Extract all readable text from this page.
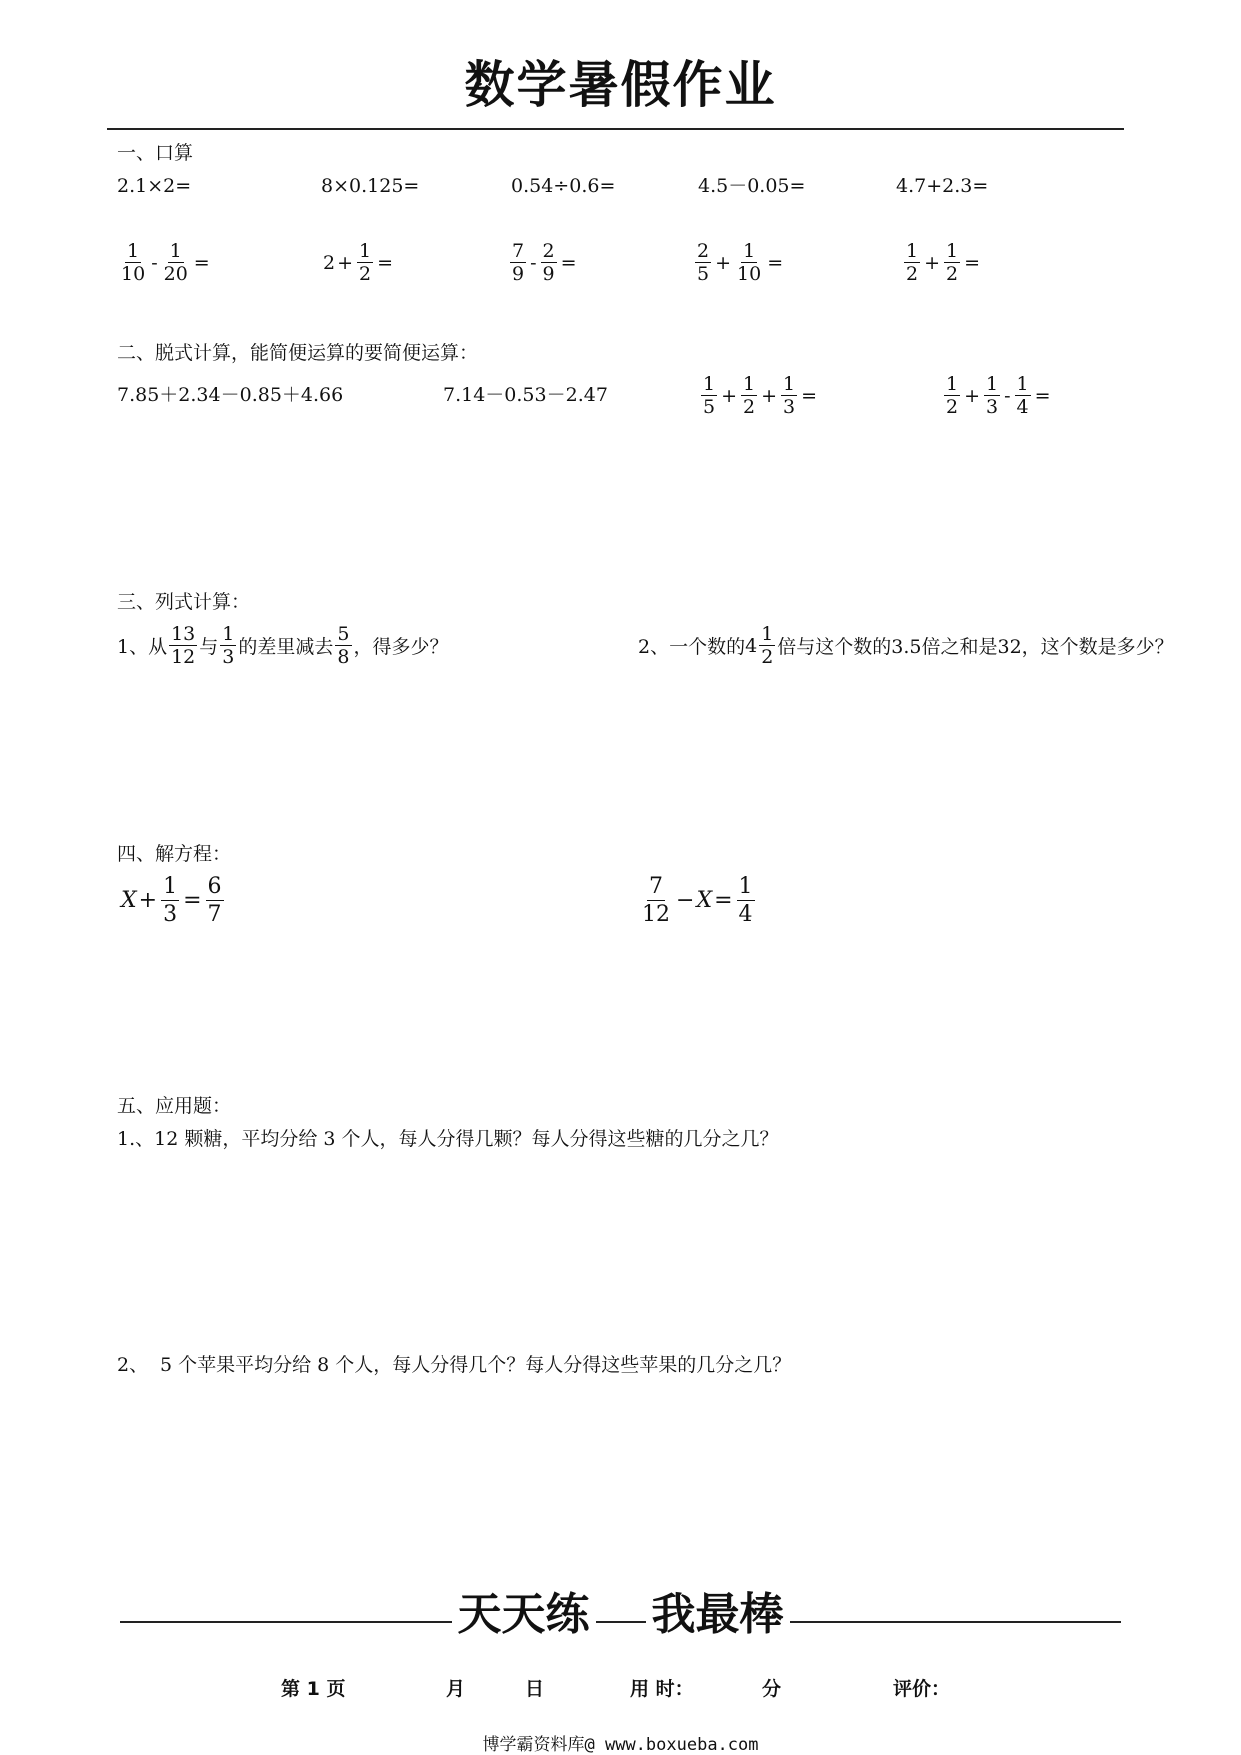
数学暑假作业
一、口算
2.1×2=	8×0.125=	0.54÷0.6=	4.5－0.05=	4.7+2.3=
$\frac{1}{10} - \frac{1}{20}$ =	$2 + \frac{1}{2}$ =	$\frac{7}{9} - \frac{2}{9}$ =	$\frac{2}{5} + \frac{1}{10}$ =	$\frac{1}{2} + \frac{1}{2}$ =
二、脱式计算，能简便运算的要简便运算：
7.85＋2.34－0.85＋4.66	7.14－0.53－2.47	$\frac{1}{5} + \frac{1}{2} + \frac{1}{3}$ =	$\frac{1}{2} + \frac{1}{3} - \frac{1}{4}$ =
三、列式计算：
1、从 $\frac{13}{12}$ 与 $\frac{1}{3}$ 的差里减去 $\frac{5}{8}$ ，得多少？	2、一个数的 $4 \frac{1}{2}$ 倍与这个数的3.5倍之和是32，这个数是多少？
四、解方程：
$X + \frac{1}{3} = \frac{6}{7}$	$\frac{7}{12} - X = \frac{1}{4}$
五、应用题：
1.、12 颗糖，平均分给 3 个人，每人分得几颗？每人分得这些糖的几分之几？
2、 5 个苹果平均分给 8 个人，每人分得几个？每人分得这些苹果的几分之几？
天天练 我最棒
第 1 页	月	日	用 时：	分	评价：
博学霸资料库@ www.boxueba.com
